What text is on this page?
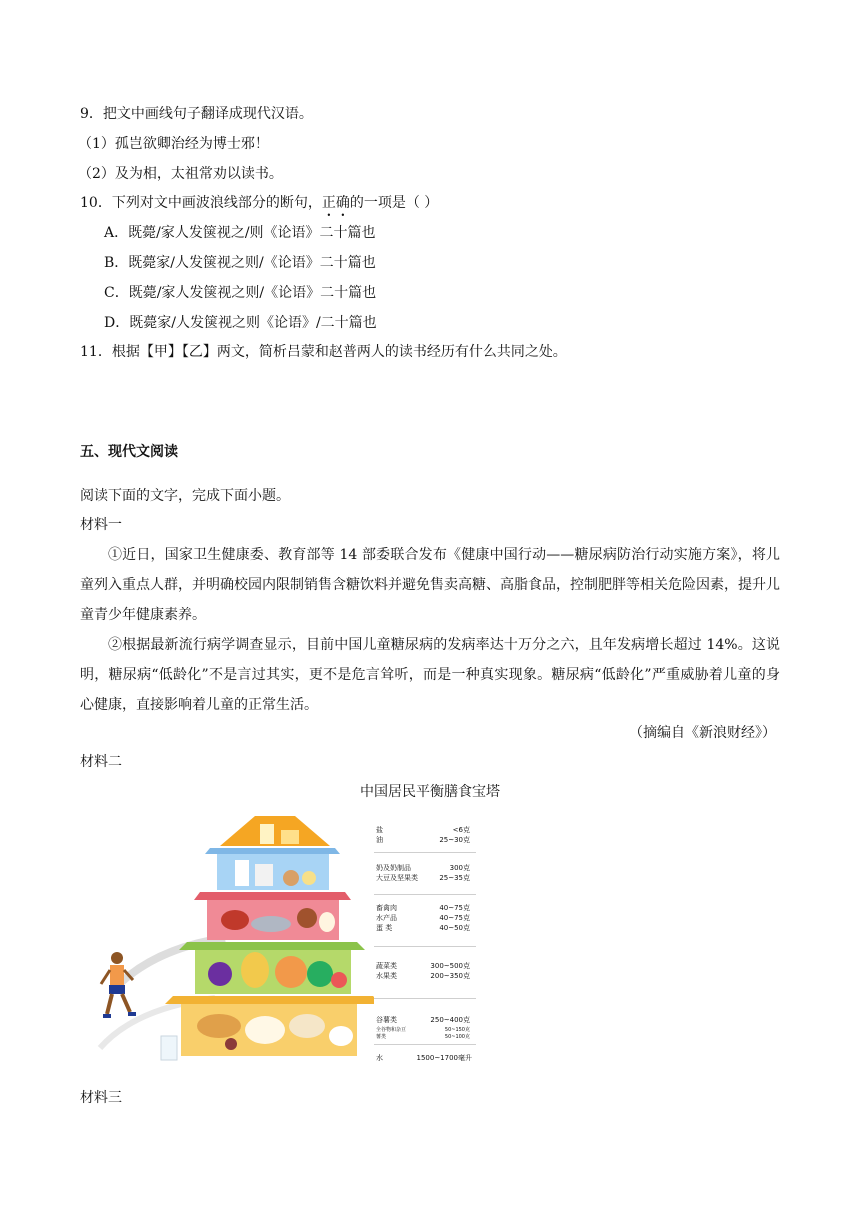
9．把文中画线句子翻译成现代汉语。
（1）孤岂欲卿治经为博士邪！
（2）及为相，太祖常劝以读书。
10．下列对文中画波浪线部分的断句，正确的一项是（ ）
A．既薨/家人发箧视之/则《论语》二十篇也
B．既薨家/人发箧视之则/《论语》二十篇也
C．既薨/家人发箧视之则/《论语》二十篇也
D．既薨家/人发箧视之则《论语》/二十篇也
11．根据【甲】【乙】两文，简析吕蒙和赵普两人的读书经历有什么共同之处。
五、现代文阅读
阅读下面的文字，完成下面小题。
材料一
①近日，国家卫生健康委、教育部等 14 部委联合发布《健康中国行动——糖尿病防治行动实施方案》，将儿童列入重点人群，并明确校园内限制销售含糖饮料并避免售卖高糖、高脂食品，控制肥胖等相关危险因素，提升儿童青少年健康素养。
②根据最新流行病学调查显示，目前中国儿童糖尿病的发病率达十万分之六，且年发病增长超过 14%。这说明，糖尿病“低龄化”不是言过其实，更不是危言耸听，而是一种真实现象。糖尿病“低龄化”严重威胁着儿童的身心健康，直接影响着儿童的正常生活。
（摘编自《新浪财经》）
材料二
中国居民平衡膳食宝塔
盐	<6克
油	25~30克
奶及奶制品	300克
大豆及坚果类	25~35克
畜禽肉	40~75克
水产品	40~75克
蛋 类	40~50克
蔬菜类	300~500克
水果类	200~350克
谷薯类	250~400克
全谷物和杂豆	50~150克
薯类	50~100克
水	1500~1700毫升
材料三
